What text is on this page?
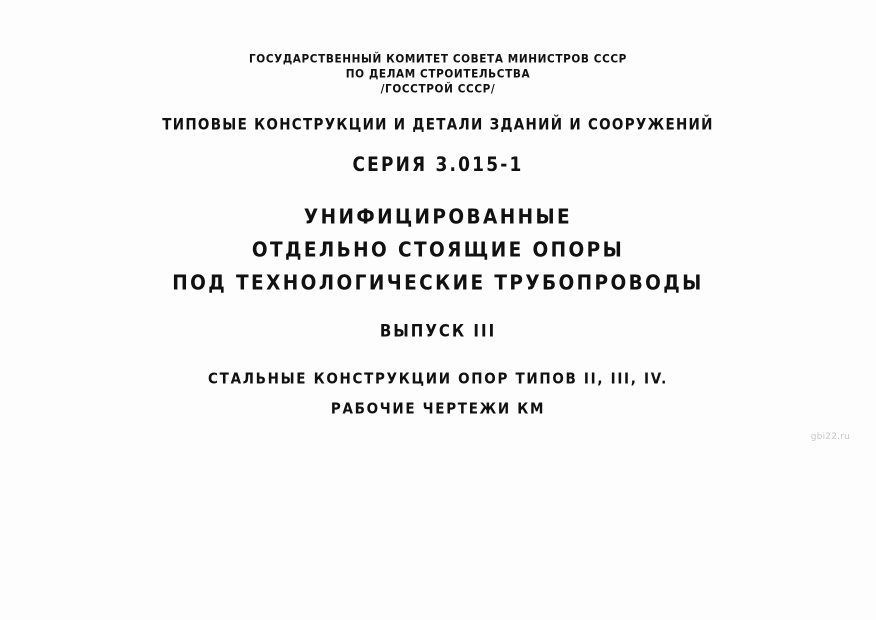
ГОСУДАРСТВЕННЫЙ КОМИТЕТ СОВЕТА МИНИСТРОВ СССР
ПО ДЕЛАМ СТРОИТЕЛЬСТВА
/ГОССТРОЙ СССР/
ТИПОВЫЕ КОНСТРУКЦИИ И ДЕТАЛИ ЗДАНИЙ И СООРУЖЕНИЙ
СЕРИЯ 3.015-1
УНИФИЦИРОВАННЫЕ
ОТДЕЛЬНО СТОЯЩИЕ ОПОРЫ
ПОД ТЕХНОЛОГИЧЕСКИЕ ТРУБОПРОВОДЫ
ВЫПУСК III
СТАЛЬНЫЕ КОНСТРУКЦИИ ОПОР ТИПОВ II, III, IV.
РАБОЧИЕ ЧЕРТЕЖИ КМ
gbi22.ru
